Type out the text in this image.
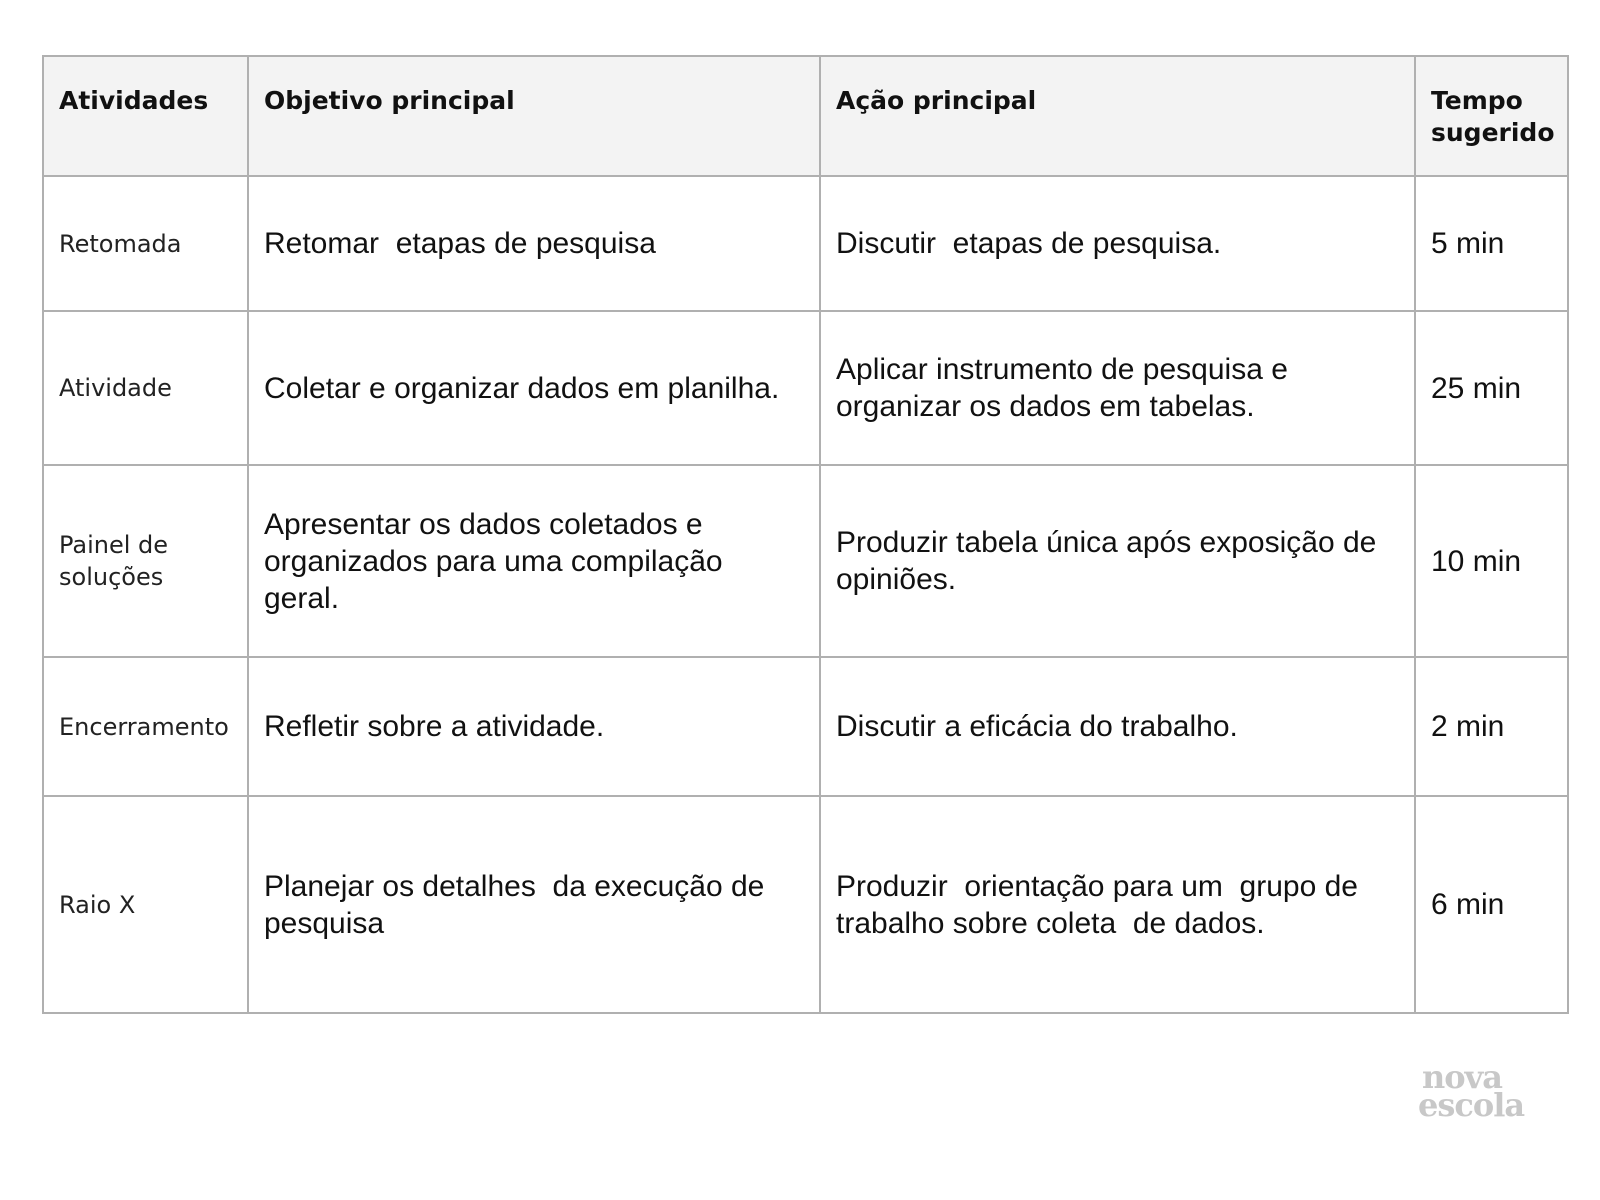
Atividades	Objetivo principal	Ação principal	Tempo sugerido
Retomada	Retomar  etapas de pesquisa	Discutir  etapas de pesquisa.	5 min
Atividade	Coletar e organizar dados em planilha.	Aplicar instrumento de pesquisa e organizar os dados em tabelas.	25 min
Painel de soluções	Apresentar os dados coletados e organizados para uma compilação geral.	Produzir tabela única após exposição de opiniões.	10 min
Encerramento	Refletir sobre a atividade.	Discutir a eficácia do trabalho.	2 min
Raio X	Planejar os detalhes  da execução de pesquisa	Produzir  orientação para um  grupo de trabalho sobre coleta  de dados.	6 min
nova
escola
